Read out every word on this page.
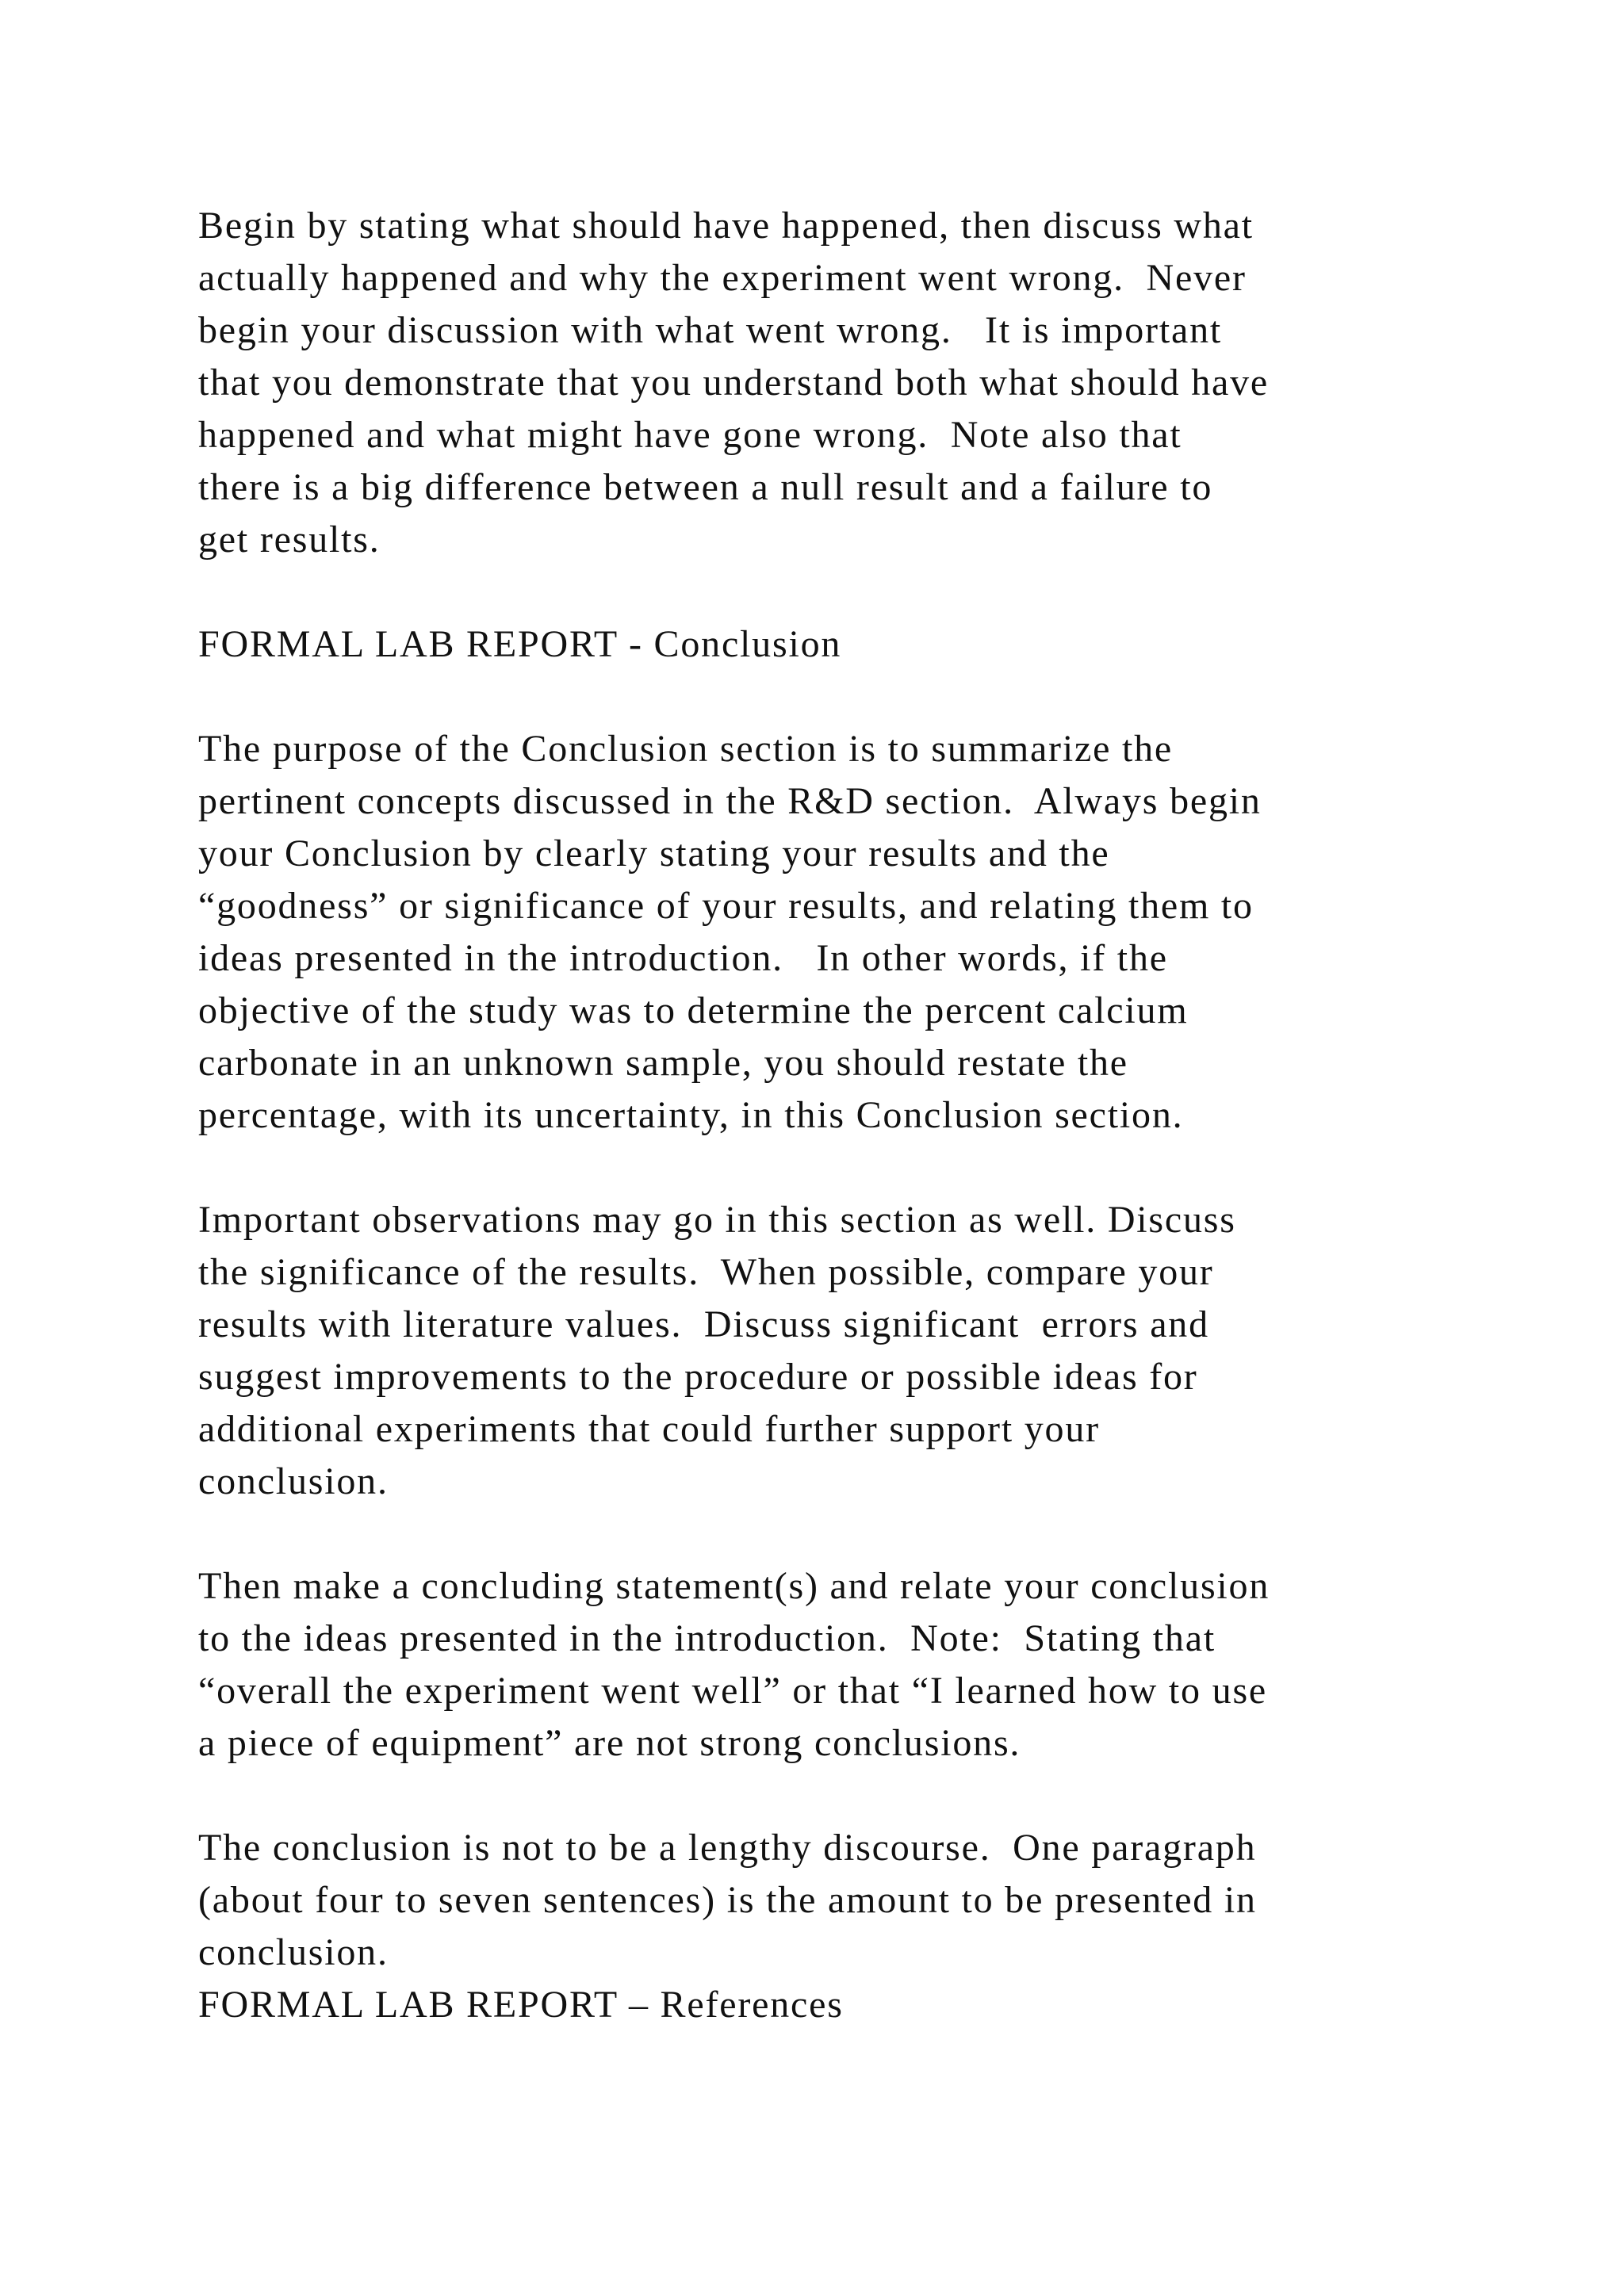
Begin by stating what should have happened, then discuss what
actually happened and why the experiment went wrong.  Never
begin your discussion with what went wrong.   It is important
that you demonstrate that you understand both what should have
happened and what might have gone wrong.  Note also that
there is a big difference between a null result and a failure to
get results.
FORMAL LAB REPORT - Conclusion
The purpose of the Conclusion section is to summarize the
pertinent concepts discussed in the R&D section.  Always begin
your Conclusion by clearly stating your results and the
“goodness” or significance of your results, and relating them to
ideas presented in the introduction.   In other words, if the
objective of the study was to determine the percent calcium
carbonate in an unknown sample, you should restate the
percentage, with its uncertainty, in this Conclusion section.
Important observations may go in this section as well. Discuss
the significance of the results.  When possible, compare your
results with literature values.  Discuss significant  errors and
suggest improvements to the procedure or possible ideas for
additional experiments that could further support your
conclusion.
Then make a concluding statement(s) and relate your conclusion
to the ideas presented in the introduction.  Note:  Stating that
“overall the experiment went well” or that “I learned how to use
a piece of equipment” are not strong conclusions.
The conclusion is not to be a lengthy discourse.  One paragraph
(about four to seven sentences) is the amount to be presented in
conclusion.
FORMAL LAB REPORT – References
